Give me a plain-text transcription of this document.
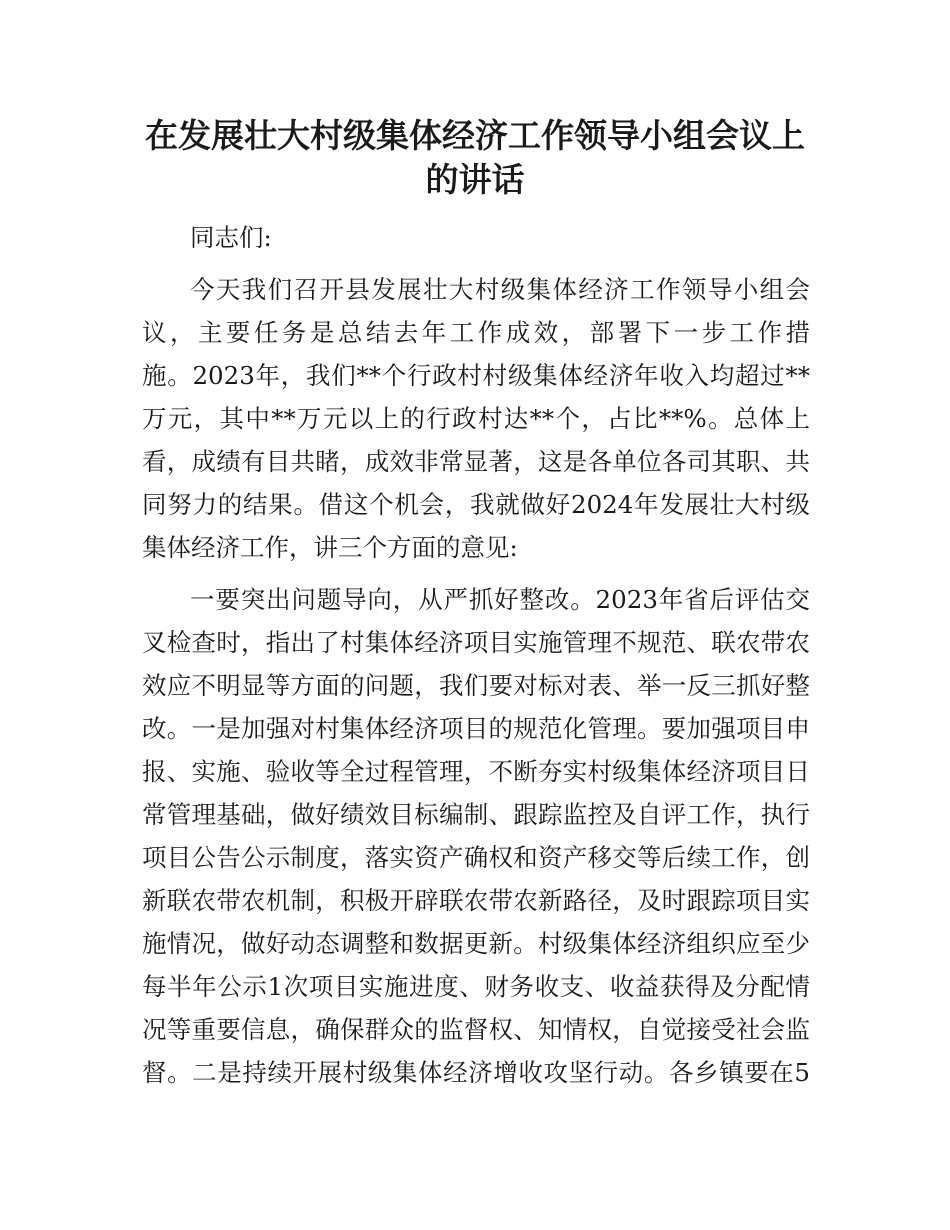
在发展壮大村级集体经济工作领导小组会议上
的讲话

同志们:

今天我们召开县发展壮大村级集体经济工作领导小组会

议，主要任务是总结去年工作成效，部署下一步工作措

施。2023年，我们**个行政村村级集体经济年收入均超过**

万元，其中**万元以上的行政村达**个，占比**%。总体上

看，成绩有目共睹，成效非常显著，这是各单位各司其职、共

同努力的结果。借这个机会，我就做好2024年发展壮大村级

集体经济工作，讲三个方面的意见:

一要突出问题导向，从严抓好整改。2023年省后评估交

叉检查时，指出了村集体经济项目实施管理不规范、联农带农

效应不明显等方面的问题，我们要对标对表、举一反三抓好整

改。一是加强对村集体经济项目的规范化管理。要加强项目申

报、实施、验收等全过程管理，不断夯实村级集体经济项目日

常管理基础，做好绩效目标编制、跟踪监控及自评工作，执行

项目公告公示制度，落实资产确权和资产移交等后续工作，创

新联农带农机制，积极开辟联农带农新路径，及时跟踪项目实

施情况，做好动态调整和数据更新。村级集体经济组织应至少

每半年公示1次项目实施进度、财务收支、收益获得及分配情

况等重要信息，确保群众的监督权、知情权，自觉接受社会监

督。二是持续开展村级集体经济增收攻坚行动。各乡镇要在5
